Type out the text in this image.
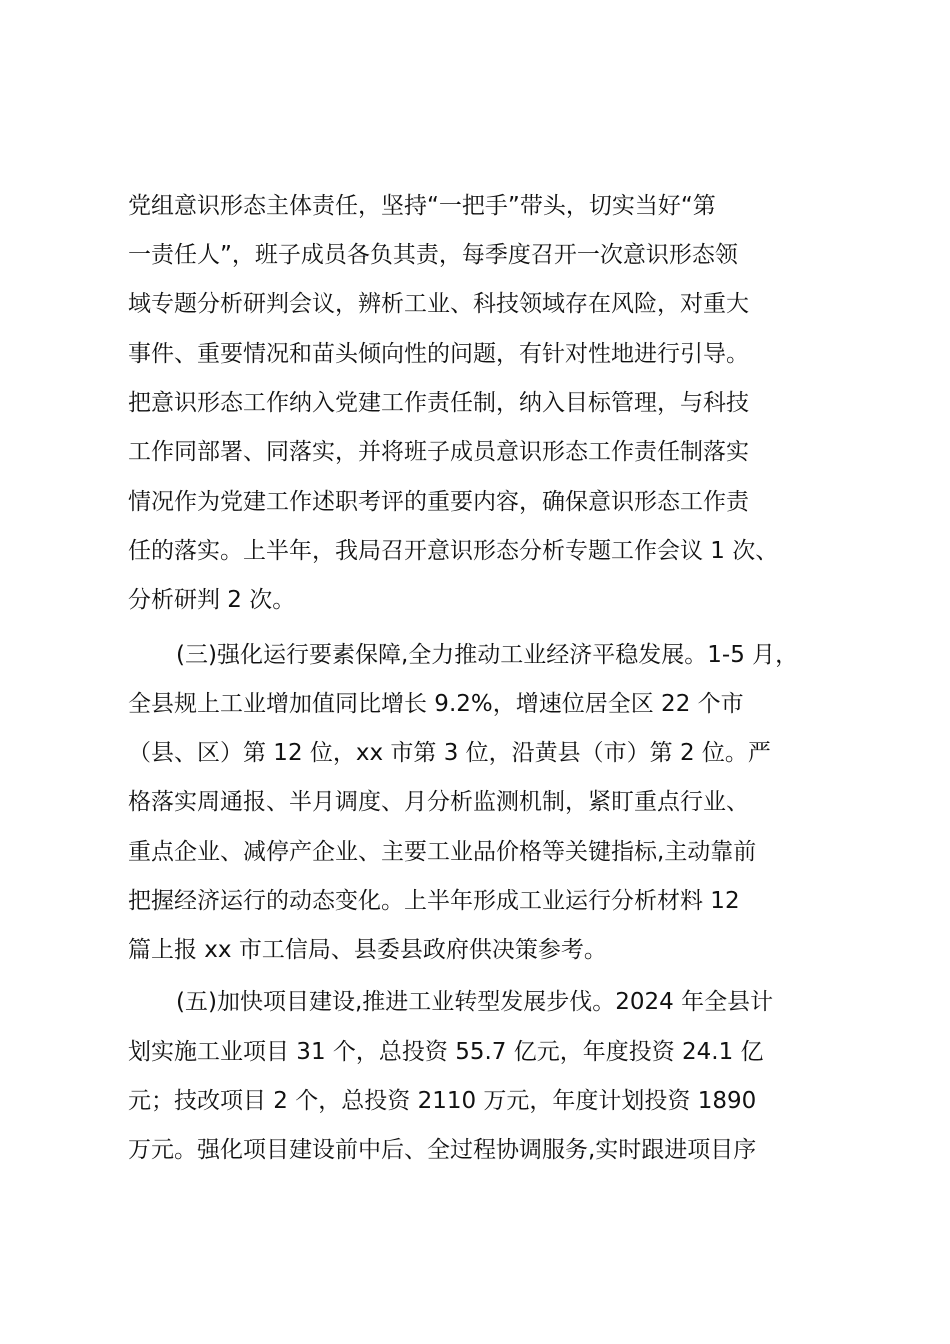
党组意识形态主体责任，坚持“一把手”带头，切实当好“第
一责任人”，班子成员各负其责，每季度召开一次意识形态领
域专题分析研判会议，辨析工业、科技领域存在风险，对重大
事件、重要情况和苗头倾向性的问题，有针对性地进行引导。
把意识形态工作纳入党建工作责任制，纳入目标管理，与科技
工作同部署、同落实，并将班子成员意识形态工作责任制落实
情况作为党建工作述职考评的重要内容，确保意识形态工作责
任的落实。上半年，我局召开意识形态分析专题工作会议 1 次、
分析研判 2 次。
(三)强化运行要素保障,全力推动工业经济平稳发展。1-5 月，
全县规上工业增加值同比增长 9.2%，增速位居全区 22 个市
（县、区）第 12 位，xx 市第 3 位，沿黄县（市）第 2 位。严
格落实周通报、半月调度、月分析监测机制，紧盯重点行业、
重点企业、减停产企业、主要工业品价格等关键指标,主动靠前
把握经济运行的动态变化。上半年形成工业运行分析材料 12
篇上报 xx 市工信局、县委县政府供决策参考。
(五)加快项目建设,推进工业转型发展步伐。2024 年全县计
划实施工业项目 31 个，总投资 55.7 亿元，年度投资 24.1 亿
元；技改项目 2 个，总投资 2110 万元，年度计划投资 1890
万元。强化项目建设前中后、全过程协调服务,实时跟进项目序
